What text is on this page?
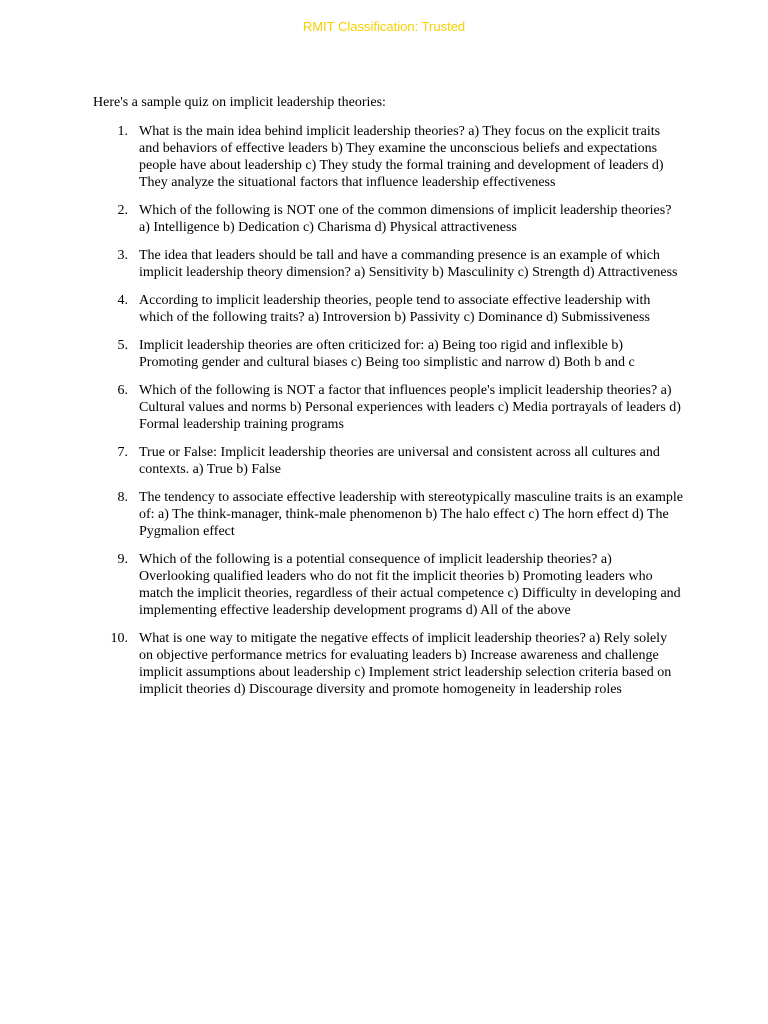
RMIT Classification: Trusted

Here's a sample quiz on implicit leadership theories:

1. What is the main idea behind implicit leadership theories? a) They focus on the explicit traits and behaviors of effective leaders b) They examine the unconscious beliefs and expectations people have about leadership c) They study the formal training and development of leaders d) They analyze the situational factors that influence leadership effectiveness
2. Which of the following is NOT one of the common dimensions of implicit leadership theories? a) Intelligence b) Dedication c) Charisma d) Physical attractiveness
3. The idea that leaders should be tall and have a commanding presence is an example of which implicit leadership theory dimension? a) Sensitivity b) Masculinity c) Strength d) Attractiveness
4. According to implicit leadership theories, people tend to associate effective leadership with which of the following traits? a) Introversion b) Passivity c) Dominance d) Submissiveness
5. Implicit leadership theories are often criticized for: a) Being too rigid and inflexible b) Promoting gender and cultural biases c) Being too simplistic and narrow d) Both b and c
6. Which of the following is NOT a factor that influences people's implicit leadership theories? a) Cultural values and norms b) Personal experiences with leaders c) Media portrayals of leaders d) Formal leadership training programs
7. True or False: Implicit leadership theories are universal and consistent across all cultures and contexts. a) True b) False
8. The tendency to associate effective leadership with stereotypically masculine traits is an example of: a) The think-manager, think-male phenomenon b) The halo effect c) The horn effect d) The Pygmalion effect
9. Which of the following is a potential consequence of implicit leadership theories? a) Overlooking qualified leaders who do not fit the implicit theories b) Promoting leaders who match the implicit theories, regardless of their actual competence c) Difficulty in developing and implementing effective leadership development programs d) All of the above
10. What is one way to mitigate the negative effects of implicit leadership theories? a) Rely solely on objective performance metrics for evaluating leaders b) Increase awareness and challenge implicit assumptions about leadership c) Implement strict leadership selection criteria based on implicit theories d) Discourage diversity and promote homogeneity in leadership roles
